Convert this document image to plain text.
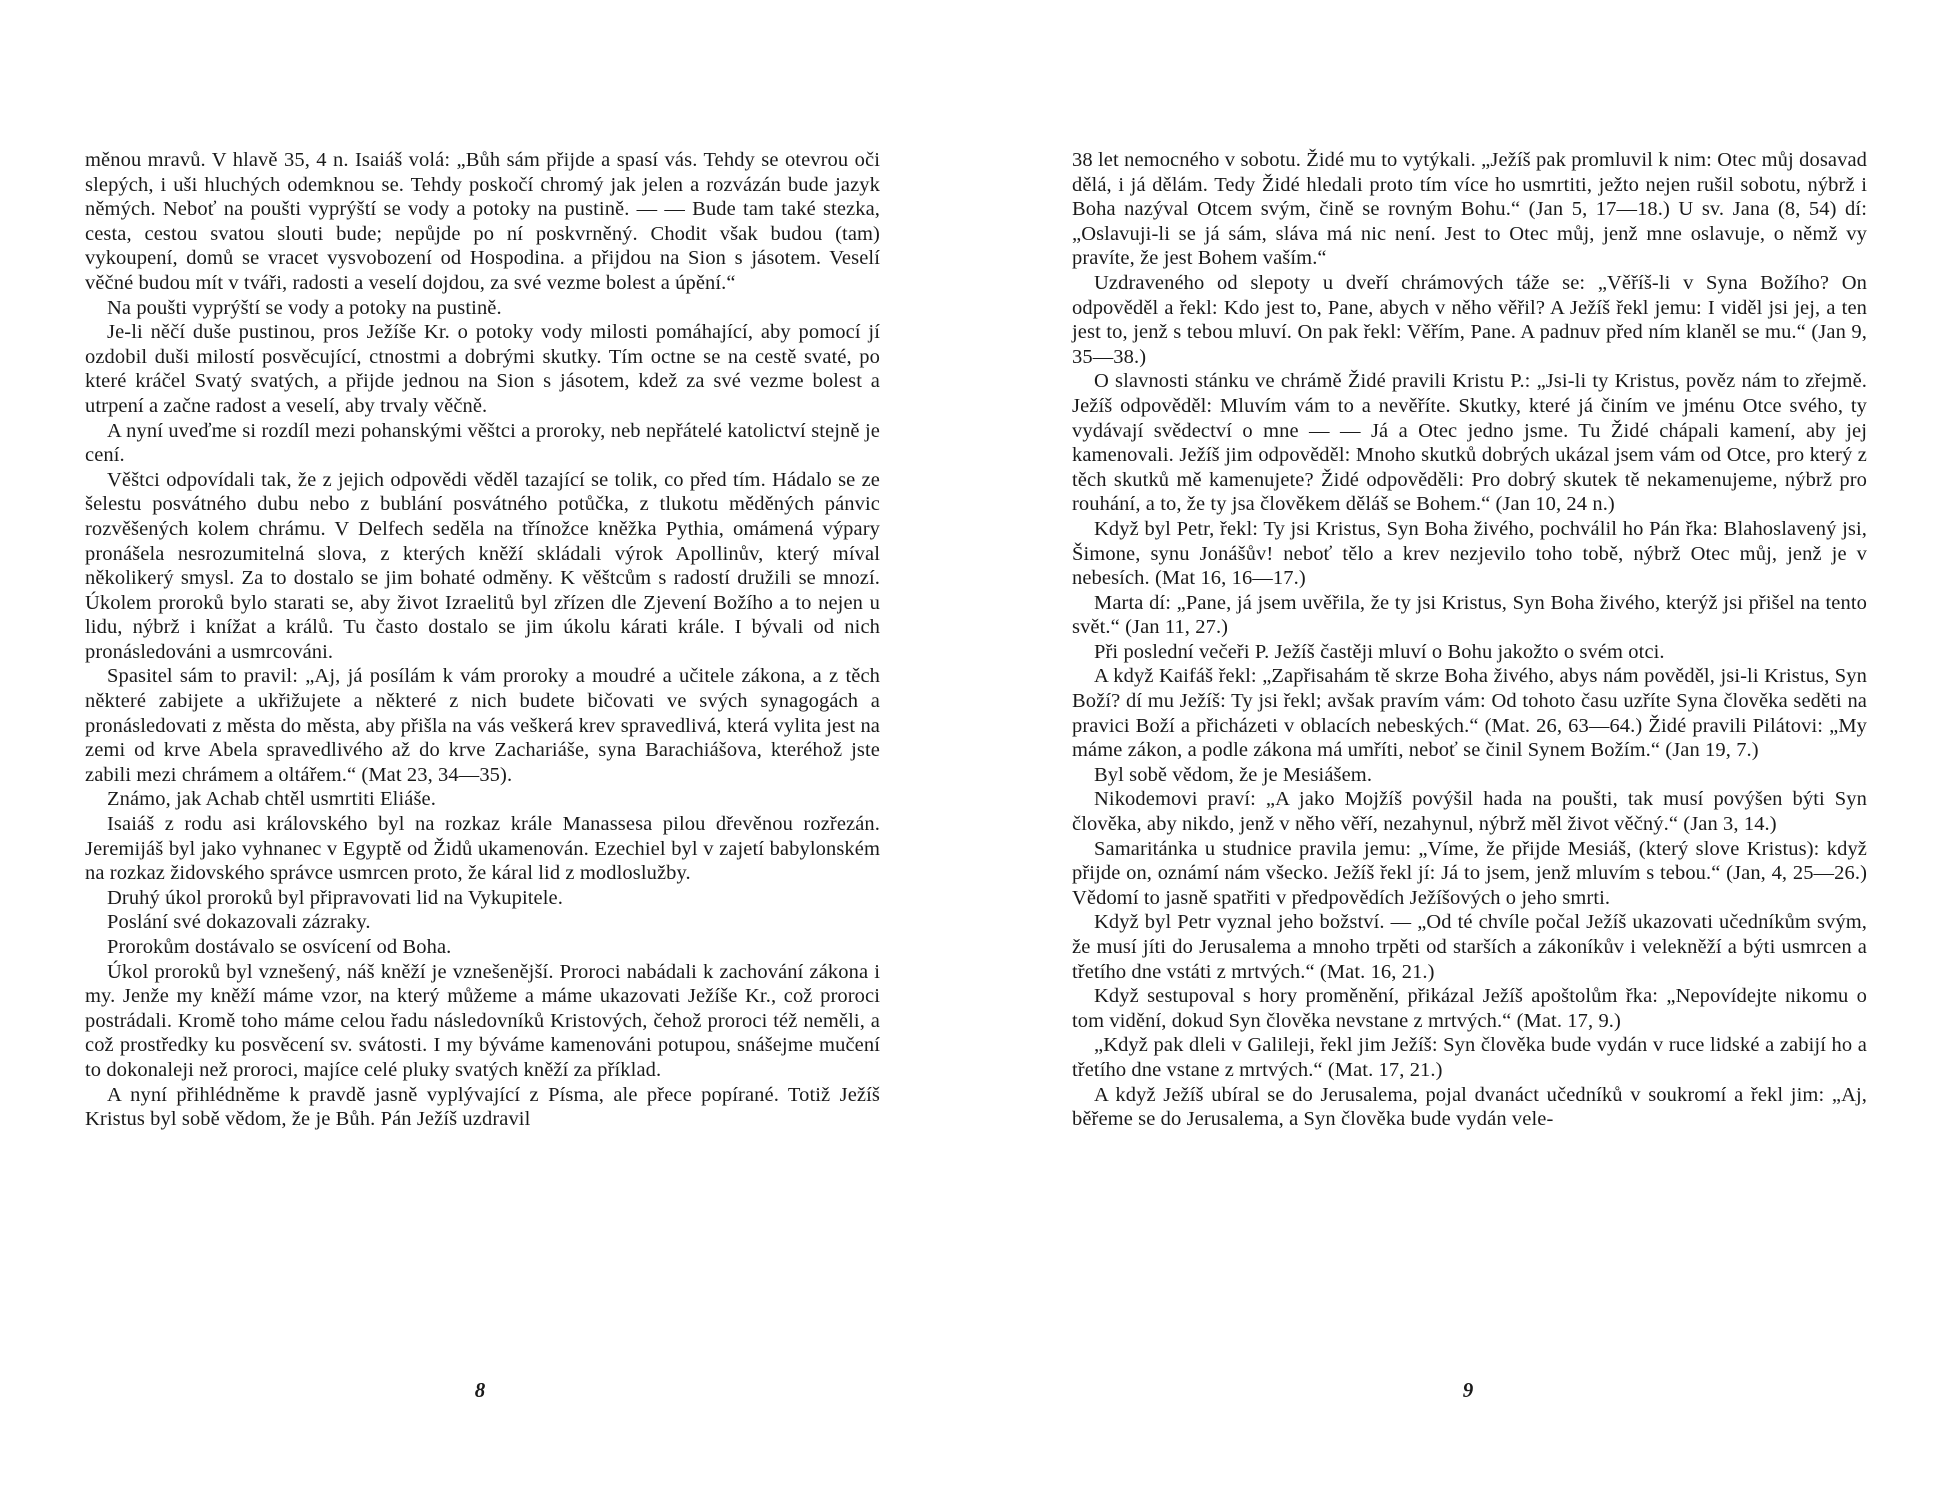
měnou mravů. V hlavě 35, 4 n. Isaiáš volá: „Bůh sám přijde a spasí vás. Tehdy se otevrou oči slepých, i uši hluchých odemknou se. Tehdy poskočí chromý jak jelen a rozvázán bude jazyk němých. Neboť na poušti vyprýští se vody a potoky na pustině. — — Bude tam také stezka, cesta, cestou svatou slouti bude; nepůjde po ní poskvrněný. Chodit však budou (tam) vykoupení, domů se vracet vysvobození od Hospodina. a přijdou na Sion s jásotem. Veselí věčné budou mít v tváři, radosti a veselí dojdou, za své vezme bolest a úpění.“

Na poušti vyprýští se vody a potoky na pustině.

Je-li něčí duše pustinou, pros Ježíše Kr. o potoky vody milosti pomáhající, aby pomocí jí ozdobil duši milostí posvěcující, ctnostmi a dobrými skutky. Tím octne se na cestě svaté, po které kráčel Svatý svatých, a přijde jednou na Sion s jásotem, kdež za své vezme bolest a utrpení a začne radost a veselí, aby trvaly věčně.

A nyní uveďme si rozdíl mezi pohanskými věštci a proroky, neb nepřátelé katolictví stejně je cení.

Věštci odpovídali tak, že z jejich odpovědi věděl tazající se tolik, co před tím. Hádalo se ze šelestu posvátného dubu nebo z bublání posvátného potůčka, z tlukotu měděných pánvic rozvěšených kolem chrámu. V Delfech seděla na třínožce kněžka Pythia, omámená výpary pronášela nesrozumitelná slova, z kterých kněží skládali výrok Apollinův, který míval několikerý smysl. Za to dostalo se jim bohaté odměny. K věštcům s radostí družili se mnozí. Úkolem proroků bylo starati se, aby život Izraelitů byl zřízen dle Zjevení Božího a to nejen u lidu, nýbrž i knížat a králů. Tu často dostalo se jim úkolu kárati krále. I bývali od nich pronásledováni a usmrcováni.

Spasitel sám to pravil: „Aj, já posílám k vám proroky a moudré a učitele zákona, a z těch některé zabijete a ukřižujete a některé z nich budete bičovati ve svých synagogách a pronásledovati z města do města, aby přišla na vás veškerá krev spravedlivá, která vylita jest na zemi od krve Abela spravedlivého až do krve Zachariáše, syna Barachiášova, kteréhož jste zabili mezi chrámem a oltářem.“ (Mat 23, 34—35).

Známo, jak Achab chtěl usmrtiti Eliáše.

Isaiáš z rodu asi královského byl na rozkaz krále Manassesa pilou dřevěnou rozřezán. Jeremijáš byl jako vyhnanec v Egyptě od Židů ukamenován. Ezechiel byl v zajetí babylonském na rozkaz židovského správce usmrcen proto, že káral lid z modloslužby.

Druhý úkol proroků byl připravovati lid na Vykupitele.

Poslání své dokazovali zázraky.

Prorokům dostávalo se osvícení od Boha.

Úkol proroků byl vznešený, náš kněží je vznešenější. Proroci nabádali k zachování zákona i my. Jenže my kněží máme vzor, na který můžeme a máme ukazovati Ježíše Kr., což proroci postrádali. Kromě toho máme celou řadu následovníků Kristových, čehož proroci též neměli, a což prostředky ku posvěcení sv. svátosti. I my býváme kamenováni potupou, snášejme mučení to dokonaleji než proroci, majíce celé pluky svatých kněží za příklad.

A nyní přihlédněme k pravdě jasně vyplývající z Písma, ale přece popírané. Totiž Ježíš Kristus byl sobě vědom, že je Bůh. Pán Ježíš uzdravil

8

38 let nemocného v sobotu. Židé mu to vytýkali. „Ježíš pak promluvil k nim: Otec můj dosavad dělá, i já dělám. Tedy Židé hledali proto tím více ho usmrtiti, ježto nejen rušil sobotu, nýbrž i Boha nazýval Otcem svým, čině se rovným Bohu.“ (Jan 5, 17—18.) U sv. Jana (8, 54) dí: „Oslavuji-li se já sám, sláva má nic není. Jest to Otec můj, jenž mne oslavuje, o němž vy pravíte, že jest Bohem vaším.“

Uzdraveného od slepoty u dveří chrámových táže se: „Věříš-li v Syna Božího? On odpověděl a řekl: Kdo jest to, Pane, abych v něho věřil? A Ježíš řekl jemu: I viděl jsi jej, a ten jest to, jenž s tebou mluví. On pak řekl: Věřím, Pane. A padnuv před ním klaněl se mu.“ (Jan 9, 35—38.)

O slavnosti stánku ve chrámě Židé pravili Kristu P.: „Jsi-li ty Kristus, pověz nám to zřejmě. Ježíš odpověděl: Mluvím vám to a nevěříte. Skutky, které já činím ve jménu Otce svého, ty vydávají svědectví o mne — — Já a Otec jedno jsme. Tu Židé chápali kamení, aby jej kamenovali. Ježíš jim odpověděl: Mnoho skutků dobrých ukázal jsem vám od Otce, pro který z těch skutků mě kamenujete? Židé odpověděli: Pro dobrý skutek tě nekamenujeme, nýbrž pro rouhání, a to, že ty jsa člověkem děláš se Bohem.“ (Jan 10, 24 n.)

Když byl Petr, řekl: Ty jsi Kristus, Syn Boha živého, pochválil ho Pán řka: Blahoslavený jsi, Šimone, synu Jonášův! neboť tělo a krev nezjevilo toho tobě, nýbrž Otec můj, jenž je v nebesích. (Mat 16, 16—17.)

Marta dí: „Pane, já jsem uvěřila, že ty jsi Kristus, Syn Boha živého, kterýž jsi přišel na tento svět.“ (Jan 11, 27.)

Při poslední večeři P. Ježíš častěji mluví o Bohu jakožto o svém otci.

A když Kaifáš řekl: „Zapřisahám tě skrze Boha živého, abys nám pověděl, jsi-li Kristus, Syn Boží? dí mu Ježíš: Ty jsi řekl; avšak pravím vám: Od tohoto času uzříte Syna člověka seděti na pravici Boží a přicházeti v oblacích nebeských.“ (Mat. 26, 63—64.) Židé pravili Pilátovi: „My máme zákon, a podle zákona má umříti, neboť se činil Synem Božím.“ (Jan 19, 7.)

Byl sobě vědom, že je Mesiášem.

Nikodemovi praví: „A jako Mojžíš povýšil hada na poušti, tak musí povýšen býti Syn člověka, aby nikdo, jenž v něho věří, nezahynul, nýbrž měl život věčný.“ (Jan 3, 14.)

Samaritánka u studnice pravila jemu: „Víme, že přijde Mesiáš, (který slove Kristus): když přijde on, oznámí nám všecko. Ježíš řekl jí: Já to jsem, jenž mluvím s tebou.“ (Jan, 4, 25—26.) Vědomí to jasně spatřiti v předpovědích Ježíšových o jeho smrti.

Když byl Petr vyznal jeho božství. — „Od té chvíle počal Ježíš ukazovati učedníkům svým, že musí jíti do Jerusalema a mnoho trpěti od starších a zákoníkův i velekněží a býti usmrcen a třetího dne vstáti z mrtvých.“ (Mat. 16, 21.)

Když sestupoval s hory proměnění, přikázal Ježíš apoštolům řka: „Nepovídejte nikomu o tom vidění, dokud Syn člověka nevstane z mrtvých.“ (Mat. 17, 9.)

„Když pak dleli v Galileji, řekl jim Ježíš: Syn člověka bude vydán v ruce lidské a zabijí ho a třetího dne vstane z mrtvých.“ (Mat. 17, 21.)

A když Ježíš ubíral se do Jerusalema, pojal dvanáct učedníků v soukromí a řekl jim: „Aj, běřeme se do Jerusalema, a Syn člověka bude vydán vele-

9
